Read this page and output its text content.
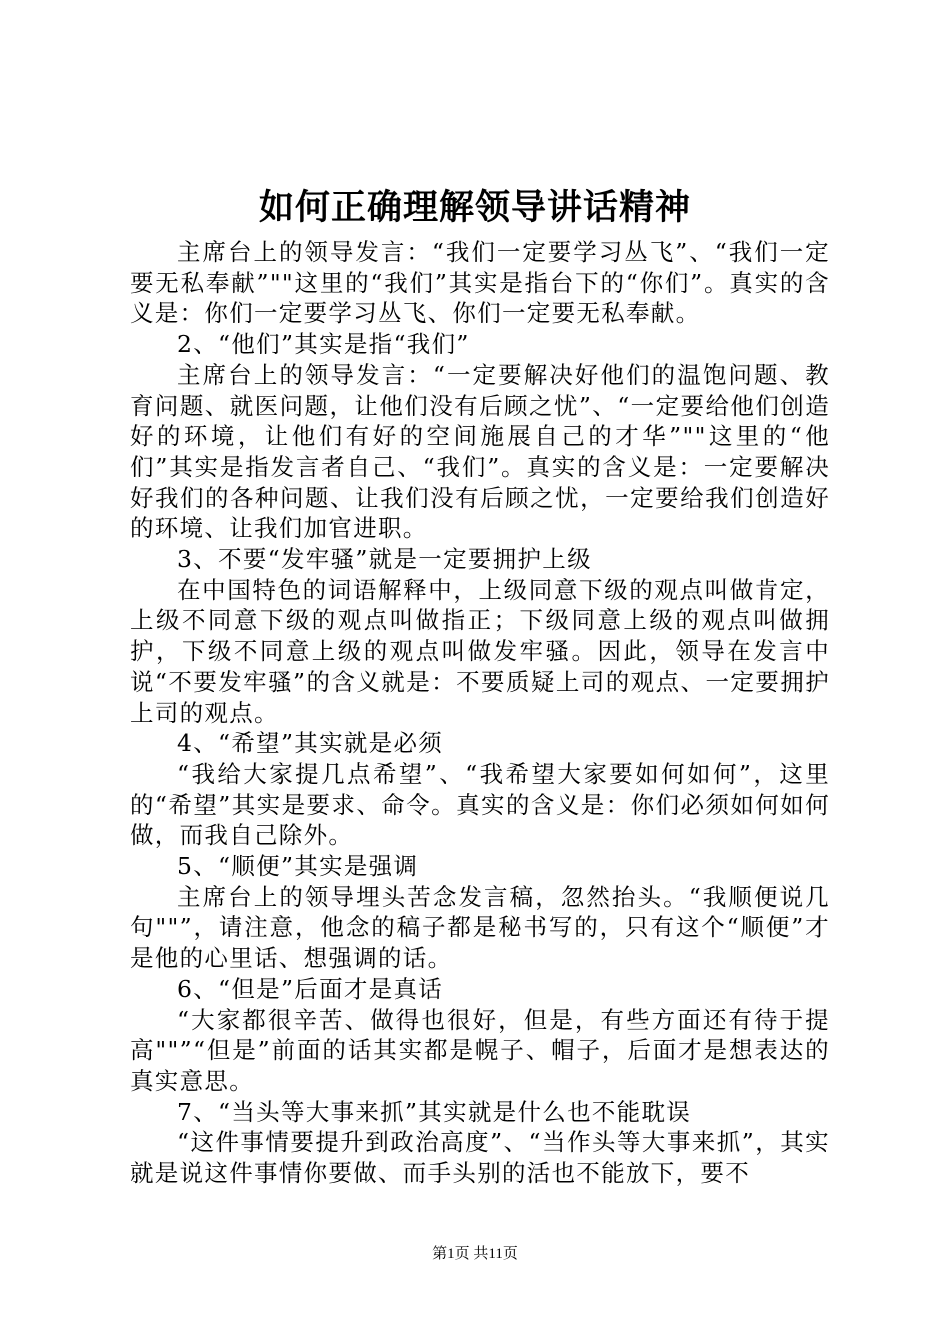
如何正确理解领导讲话精神

主席台上的领导发言：“我们一定要学习丛飞”、“我们一定要无私奉献”""这里的“我们”其实是指台下的“你们”。真实的含义是：你们一定要学习丛飞、你们一定要无私奉献。

2、“他们”其实是指“我们”

主席台上的领导发言：“一定要解决好他们的温饱问题、教育问题、就医问题，让他们没有后顾之忧”、“一定要给他们创造好的环境，让他们有好的空间施展自己的才华”""这里的“他们”其实是指发言者自己、“我们”。真实的含义是：一定要解决好我们的各种问题、让我们没有后顾之忧，一定要给我们创造好的环境、让我们加官进职。

3、不要“发牢骚”就是一定要拥护上级

在中国特色的词语解释中，上级同意下级的观点叫做肯定，上级不同意下级的观点叫做指正；下级同意上级的观点叫做拥护，下级不同意上级的观点叫做发牢骚。因此，领导在发言中说“不要发牢骚”的含义就是：不要质疑上司的观点、一定要拥护上司的观点。

4、“希望”其实就是必须

“我给大家提几点希望”、“我希望大家要如何如何”，这里的“希望”其实是要求、命令。真实的含义是：你们必须如何如何做，而我自己除外。

5、“顺便”其实是强调

主席台上的领导埋头苦念发言稿，忽然抬头。“我顺便说几句""”，请注意，他念的稿子都是秘书写的，只有这个“顺便”才是他的心里话、想强调的话。

6、“但是”后面才是真话

“大家都很辛苦、做得也很好，但是，有些方面还有待于提高""”“但是”前面的话其实都是幌子、帽子，后面才是想表达的真实意思。

7、“当头等大事来抓”其实就是什么也不能耽误

“这件事情要提升到政治高度”、“当作头等大事来抓”，其实就是说这件事情你要做、而手头别的活也不能放下，要不

第1页 共11页
